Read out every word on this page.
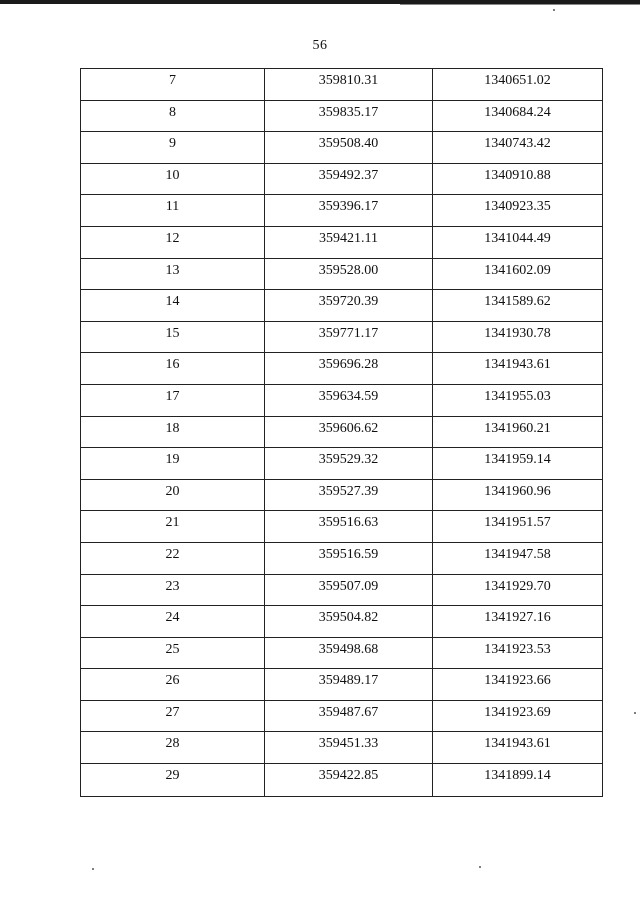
56
7	359810.31	1340651.02
8	359835.17	1340684.24
9	359508.40	1340743.42
10	359492.37	1340910.88
11	359396.17	1340923.35
12	359421.11	1341044.49
13	359528.00	1341602.09
14	359720.39	1341589.62
15	359771.17	1341930.78
16	359696.28	1341943.61
17	359634.59	1341955.03
18	359606.62	1341960.21
19	359529.32	1341959.14
20	359527.39	1341960.96
21	359516.63	1341951.57
22	359516.59	1341947.58
23	359507.09	1341929.70
24	359504.82	1341927.16
25	359498.68	1341923.53
26	359489.17	1341923.66
27	359487.67	1341923.69
28	359451.33	1341943.61
29	359422.85	1341899.14
